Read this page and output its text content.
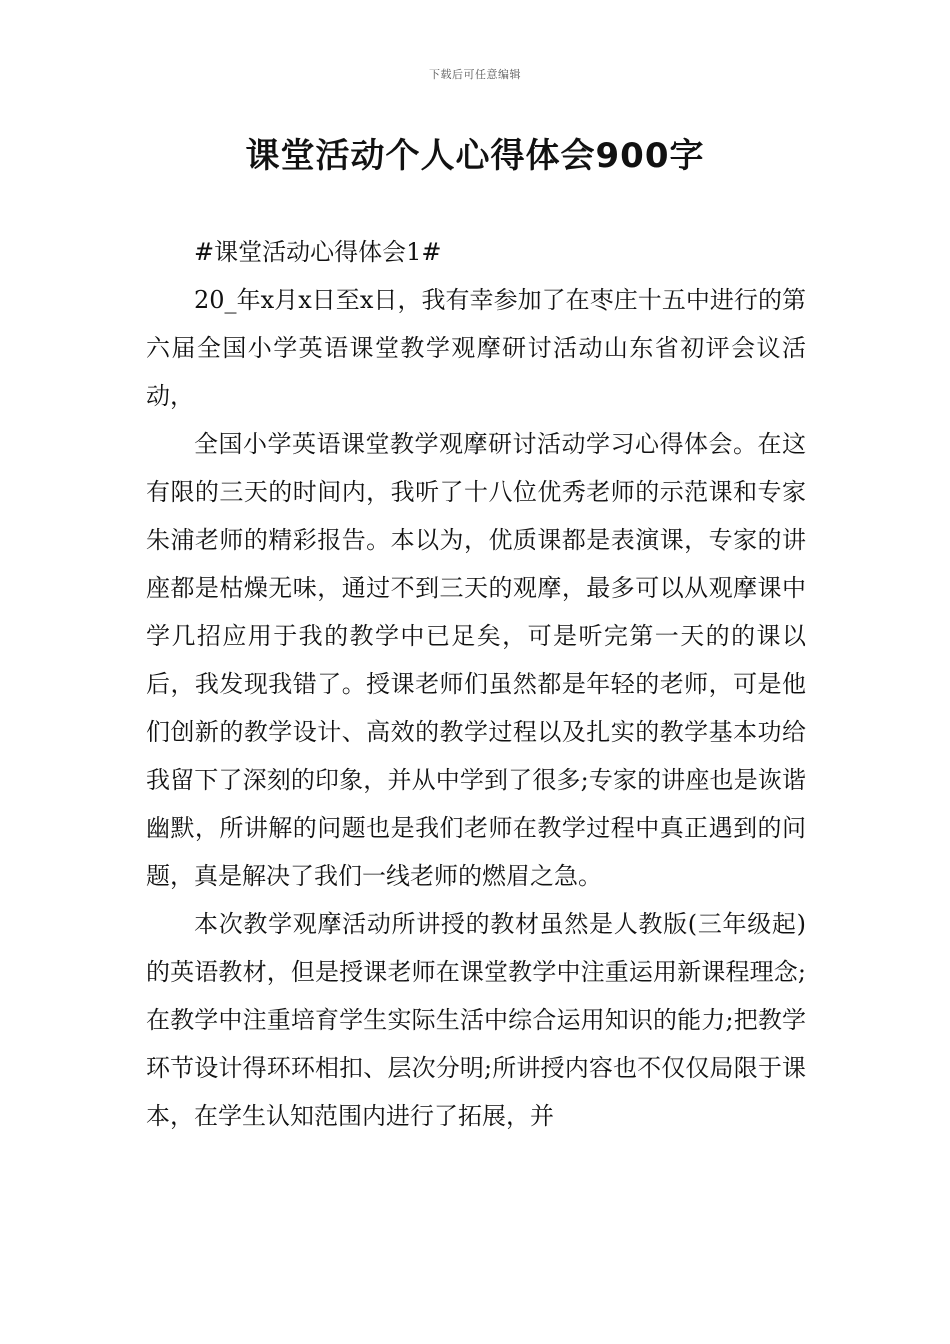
下载后可任意编辑
课堂活动个人心得体会900字

#课堂活动心得体会1#

20_年x月x日至x日，我有幸参加了在枣庄十五中进行的第六届全国小学英语课堂教学观摩研讨活动山东省初评会议活动，

全国小学英语课堂教学观摩研讨活动学习心得体会。在这有限的三天的时间内，我听了十八位优秀老师的示范课和专家朱浦老师的精彩报告。本以为，优质课都是表演课，专家的讲座都是枯燥无味，通过不到三天的观摩，最多可以从观摩课中学几招应用于我的教学中已足矣，可是听完第一天的的课以后，我发现我错了。授课老师们虽然都是年轻的老师，可是他们创新的教学设计、高效的教学过程以及扎实的教学基本功给我留下了深刻的印象，并从中学到了很多;专家的讲座也是诙谐幽默，所讲解的问题也是我们老师在教学过程中真正遇到的问题，真是解决了我们一线老师的燃眉之急。

本次教学观摩活动所讲授的教材虽然是人教版(三年级起)的英语教材，但是授课老师在课堂教学中注重运用新课程理念;在教学中注重培育学生实际生活中综合运用知识的能力;把教学环节设计得环环相扣、层次分明;所讲授内容也不仅仅局限于课本，在学生认知范围内进行了拓展，并
